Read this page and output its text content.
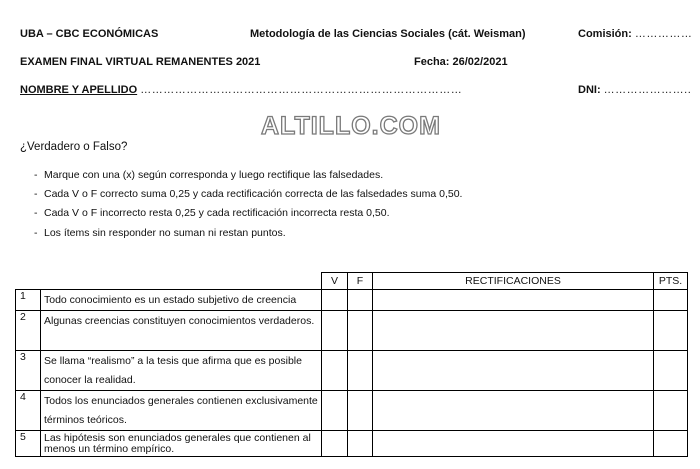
UBA – CBC ECONÓMICAS	Metodología de las Ciencias Sociales (cát. Weisman)	Comisión: ……………
EXAMEN FINAL VIRTUAL REMANENTES 2021	Fecha: 26/02/2021
NOMBRE Y APELLIDO …………………………………………………………………………	DNI: …………………..
ALTILLO.COM
¿Verdadero o Falso?
- Marque con una (x) según corresponda y luego rectifique las falsedades.
- Cada V o F correcto suma 0,25 y cada rectificación correcta de las falsedades suma 0,50.
- Cada V o F incorrecto resta 0,25 y cada rectificación incorrecta resta 0,50.
- Los ítems sin responder no suman ni restan puntos.
		V	F	RECTIFICACIONES	PTS.
1	Todo conocimiento es un estado subjetivo de creencia				
2	Algunas creencias constituyen conocimientos verdaderos.				
3	Se llama “realismo” a la tesis que afirma que es posible conocer la realidad.				
4	Todos los enunciados generales contienen exclusivamente términos teóricos.				
5	Las hipótesis son enunciados generales que contienen al menos un término empírico.				
